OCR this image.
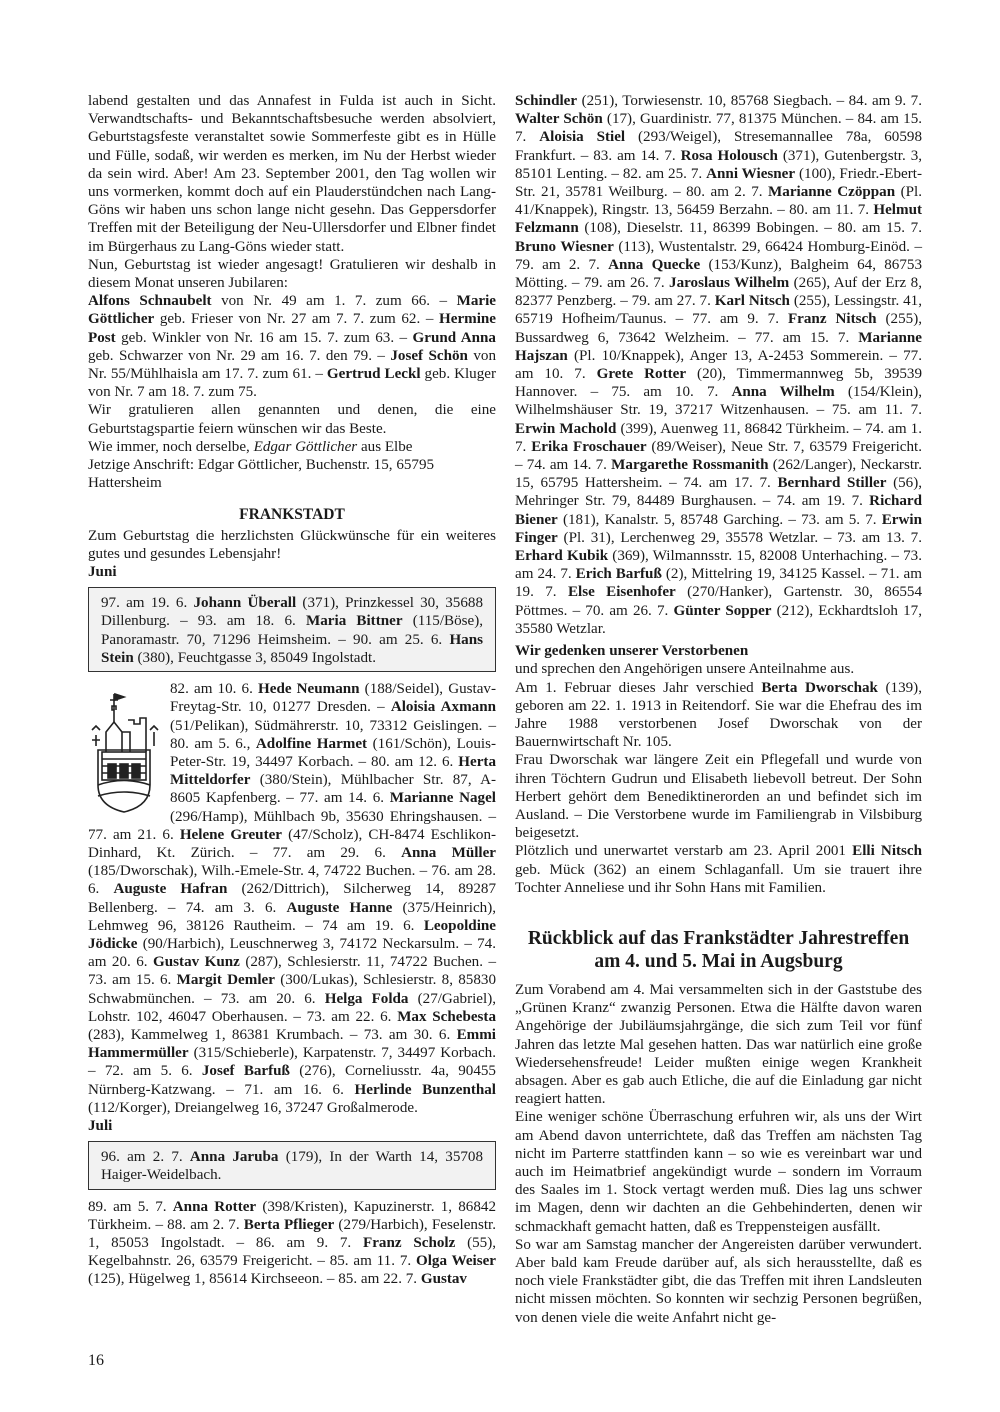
labend gestalten und das Annafest in Fulda ist auch in Sicht. Verwandtschafts- und Bekanntschaftsbesuche werden absolviert, Geburtstagsfeste veranstaltet sowie Sommerfeste gibt es in Hülle und Fülle, sodaß, wir werden es merken, im Nu der Herbst wieder da sein wird. Aber! Am 23. September 2001, den Tag wollen wir uns vormerken, kommt doch auf ein Plauderstündchen nach Lang-Göns wir haben uns schon lange nicht gesehn. Das Geppersdorfer Treffen mit der Beteiligung der Neu-Ullersdorfer und Elbner findet im Bürgerhaus zu Lang-Göns wieder statt.

Nun, Geburtstag ist wieder angesagt! Gratulieren wir deshalb in diesem Monat unseren Jubilaren:

Alfons Schnaubelt von Nr. 49 am 1. 7. zum 66. – Marie Göttlicher geb. Frieser von Nr. 27 am 7. 7. zum 62. – Hermine Post geb. Winkler von Nr. 16 am 15. 7. zum 63. – Grund Anna geb. Schwarzer von Nr. 29 am 16. 7. den 79. – Josef Schön von Nr. 55/Mühlhaisla am 17. 7. zum 61. – Gertrud Leckl geb. Kluger von Nr. 7 am 18. 7. zum 75.

Wir gratulieren allen genannten und denen, die eine Geburtstagspartie feiern wünschen wir das Beste.

Wie immer, noch derselbe, Edgar Göttlicher aus Elbe

Jetzige Anschrift: Edgar Göttlicher, Buchenstr. 15, 65795 Hattersheim

FRANKSTADT

Zum Geburtstag die herzlichsten Glückwünsche für ein weiteres gutes und gesundes Lebensjahr!

Juni

97. am 19. 6. Johann Überall (371), Prinzkessel 30, 35688 Dillenburg. – 93. am 18. 6. Maria Bittner (115/Böse), Panoramastr. 70, 71296 Heimsheim. – 90. am 25. 6. Hans Stein (380), Feuchtgasse 3, 85049 Ingolstadt.

82. am 10. 6. Hede Neumann (188/Seidel), Gustav-Freytag-Str. 10, 01277 Dresden. – Aloisia Axmann (51/Pelikan), Südmährerstr. 10, 73312 Geislingen. – 80. am 5. 6., Adolfine Harmet (161/Schön), Louis-Peter-Str. 19, 34497 Korbach. – 80. am 12. 6. Herta Mitteldorfer (380/Stein), Mühlbacher Str. 87, A-8605 Kapfenberg. – 77. am 14. 6. Marianne Nagel (296/Hamp), Mühlbach 9b, 35630 Ehringshausen. – 77. am 21. 6. Helene Greuter (47/Scholz), CH-8474 Eschlikon-Dinhard, Kt. Zürich. – 77. am 29. 6. Anna Müller (185/Dworschak), Wilh.-Emele-Str. 4, 74722 Buchen. – 76. am 28. 6. Auguste Hafran (262/Dittrich), Silcherweg 14, 89287 Bellenberg. – 74. am 3. 6. Auguste Hanne (375/Heinrich), Lehmweg 96, 38126 Rautheim. – 74 am 19. 6. Leopoldine Jödicke (90/Harbich), Leuschnerweg 3, 74172 Neckarsulm. – 74. am 20. 6. Gustav Kunz (287), Schlesierstr. 11, 74722 Buchen. – 73. am 15. 6. Margit Demler (300/Lukas), Schlesierstr. 8, 85830 Schwabmünchen. – 73. am 20. 6. Helga Folda (27/Gabriel), Lohstr. 102, 46047 Oberhausen. – 73. am 22. 6. Max Schebesta (283), Kammelweg 1, 86381 Krumbach. – 73. am 30. 6. Emmi Hammermüller (315/Schieberle), Karpatenstr. 7, 34497 Korbach. – 72. am 5. 6. Josef Barfuß (276), Corneliusstr. 4a, 90455 Nürnberg-Katzwang. – 71. am 16. 6. Herlinde Bunzenthal (112/Korger), Dreiangelweg 16, 37247 Großalmerode.

Juli

96. am 2. 7. Anna Jaruba (179), In der Warth 14, 35708 Haiger-Weidelbach.

89. am 5. 7. Anna Rotter (398/Kristen), Kapuzinerstr. 1, 86842 Türkheim. – 88. am 2. 7. Berta Pflieger (279/Harbich), Feselenstr. 1, 85053 Ingolstadt. – 86. am 9. 7. Franz Scholz (55), Kegelbahnstr. 26, 63579 Freigericht. – 85. am 11. 7. Olga Weiser (125), Hügelweg 1, 85614 Kirchseeon. – 85. am 22. 7. Gustav

Schindler (251), Torwiesenstr. 10, 85768 Siegbach. – 84. am 9. 7. Walter Schön (17), Guardinistr. 77, 81375 München. – 84. am 15. 7. Aloisia Stiel (293/Weigel), Stresemannallee 78a, 60598 Frankfurt. – 83. am 14. 7. Rosa Holousch (371), Gutenbergstr. 3, 85101 Lenting. – 82. am 25. 7. Anni Wiesner (100), Friedr.-Ebert-Str. 21, 35781 Weilburg. – 80. am 2. 7. Marianne Czöppan (Pl. 41/Knappek), Ringstr. 13, 56459 Berzahn. – 80. am 11. 7. Helmut Felzmann (108), Dieselstr. 11, 86399 Bobingen. – 80. am 15. 7. Bruno Wiesner (113), Wustentalstr. 29, 66424 Homburg-Einöd. – 79. am 2. 7. Anna Quecke (153/Kunz), Balgheim 64, 86753 Mötting. – 79. am 26. 7. Jaroslaus Wilhelm (265), Auf der Erz 8, 82377 Penzberg. – 79. am 27. 7. Karl Nitsch (255), Lessingstr. 41, 65719 Hofheim/Taunus. – 77. am 9. 7. Franz Nitsch (255), Bussardweg 6, 73642 Welzheim. – 77. am 15. 7. Marianne Hajszan (Pl. 10/Knappek), Anger 13, A-2453 Sommerein. – 77. am 10. 7. Grete Rotter (20), Timmermannweg 5b, 39539 Hannover. – 75. am 10. 7. Anna Wilhelm (154/Klein), Wilhelmshäuser Str. 19, 37217 Witzenhausen. – 75. am 11. 7. Erwin Machold (399), Auenweg 11, 86842 Türkheim. – 74. am 1. 7. Erika Froschauer (89/Weiser), Neue Str. 7, 63579 Freigericht. – 74. am 14. 7. Margarethe Rossmanith (262/Langer), Neckarstr. 15, 65795 Hattersheim. – 74. am 17. 7. Bernhard Stiller (56), Mehringer Str. 79, 84489 Burghausen. – 74. am 19. 7. Richard Biener (181), Kanalstr. 5, 85748 Garching. – 73. am 5. 7. Erwin Finger (Pl. 31), Lerchenweg 29, 35578 Wetzlar. – 73. am 13. 7. Erhard Kubik (369), Wilmannsstr. 15, 82008 Unterhaching. – 73. am 24. 7. Erich Barfuß (2), Mittelring 19, 34125 Kassel. – 71. am 19. 7. Else Eisenhofer (270/Hanker), Gartenstr. 30, 86554 Pöttmes. – 70. am 26. 7. Günter Sopper (212), Eckhardtsloh 17, 35580 Wetzlar.

Wir gedenken unserer Verstorbenen

und sprechen den Angehörigen unsere Anteilnahme aus.

Am 1. Februar dieses Jahr verschied Berta Dworschak (139), geboren am 22. 1. 1913 in Reitendorf. Sie war die Ehefrau des im Jahre 1988 verstorbenen Josef Dworschak von der Bauernwirtschaft Nr. 105.

Frau Dworschak war längere Zeit ein Pflegefall und wurde von ihren Töchtern Gudrun und Elisabeth liebevoll betreut. Der Sohn Herbert gehört dem Benediktinerorden an und befindet sich im Ausland. – Die Verstorbene wurde im Familiengrab in Vilsbiburg beigesetzt.

Plötzlich und unerwartet verstarb am 23. April 2001 Elli Nitsch geb. Mück (362) an einem Schlaganfall. Um sie trauert ihre Tochter Anneliese und ihr Sohn Hans mit Familien.

Rückblick auf das Frankstädter Jahrestreffen
am 4. und 5. Mai in Augsburg

Zum Vorabend am 4. Mai versammelten sich in der Gaststube des „Grünen Kranz“ zwanzig Personen. Etwa die Hälfte davon waren Angehörige der Jubiläumsjahrgänge, die sich zum Teil vor fünf Jahren das letzte Mal gesehen hatten. Das war natürlich eine große Wiedersehensfreude! Leider mußten einige wegen Krankheit absagen. Aber es gab auch Etliche, die auf die Einladung gar nicht reagiert hatten.

Eine weniger schöne Überraschung erfuhren wir, als uns der Wirt am Abend davon unterrichtete, daß das Treffen am nächsten Tag nicht im Parterre stattfinden kann – so wie es vereinbart war und auch im Heimatbrief angekündigt wurde – sondern im Vorraum des Saales im 1. Stock vertagt werden muß. Dies lag uns schwer im Magen, denn wir dachten an die Gehbehinderten, denen wir schmackhaft gemacht hatten, daß es Treppensteigen ausfällt.

So war am Samstag mancher der Angereisten darüber verwundert. Aber bald kam Freude darüber auf, als sich herausstellte, daß es noch viele Frankstädter gibt, die das Treffen mit ihren Landsleuten nicht missen möchten. So konnten wir sechzig Personen begrüßen, von denen viele die weite Anfahrt nicht ge-

16
